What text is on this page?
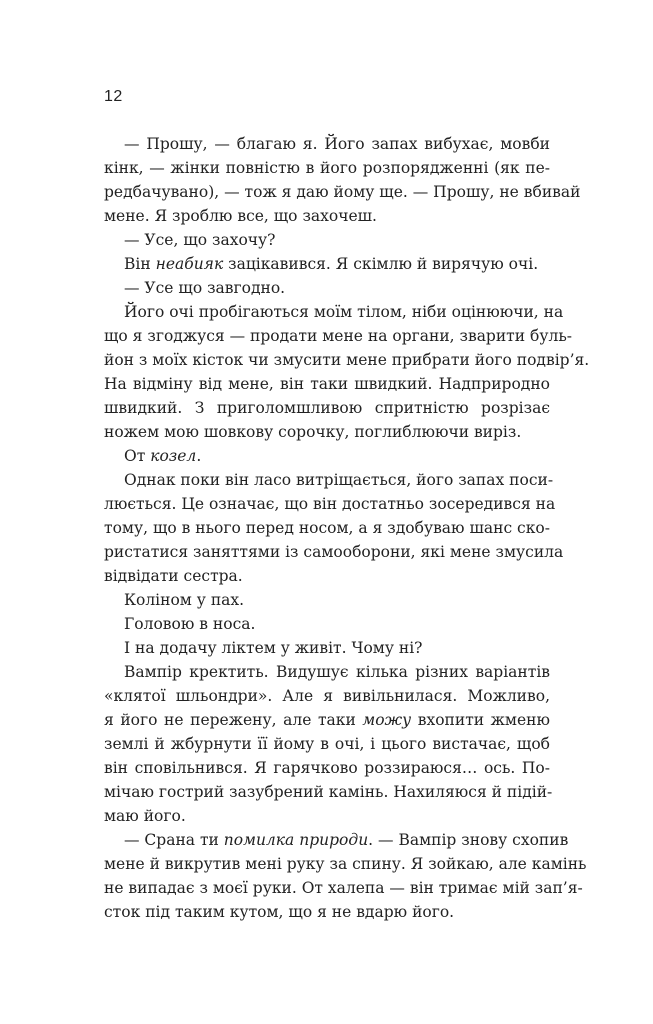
12
— Прошу, — благаю я. Його запах вибухає, мовби
кінк, — жінки повністю в його розпорядженні (як пе-
редбачувано), — тож я даю йому ще. — Прошу, не вбивай
мене. Я зроблю все, що захочеш.
— Усе, що захочу?
Він неабияк зацікавився. Я скімлю й вирячую очі.
— Усе що завгодно.
Його очі пробігаються моїм тілом, ніби оцінюючи, на
що я згоджуся — продати мене на органи, зварити буль-
йон з моїх кісток чи змусити мене прибрати його подвір’я.
На відміну від мене, він таки швидкий. Надприродно
швидкий. З приголомшливою спритністю розрізає
ножем мою шовкову сорочку, поглиблюючи виріз.
От козел.
Однак поки він ласо витріщається, його запах поси-
люється. Це означає, що він достатньо зосередився на
тому, що в нього перед носом, а я здобуваю шанс ско-
ристатися заняттями із самооборони, які мене змусила
відвідати сестра.
Коліном у пах.
Головою в носа.
І на додачу ліктем у живіт. Чому ні?
Вампір кректить. Видушує кілька різних варіантів
«клятої шльондри». Але я вивільнилася. Можливо,
я його не пережену, але таки можу вхопити жменю
землі й жбурнути її йому в очі, і цього вистачає, щоб
він сповільнився. Я гарячково роззираюся… ось. По-
мічаю гострий зазубрений камінь. Нахиляюся й підій-
маю його.
— Срана ти помилка природи. — Вампір знову схопив
мене й викрутив мені руку за спину. Я зойкаю, але камінь
не випадає з моєї руки. От халепа — він тримає мій зап’я-
сток під таким кутом, що я не вдарю його.
